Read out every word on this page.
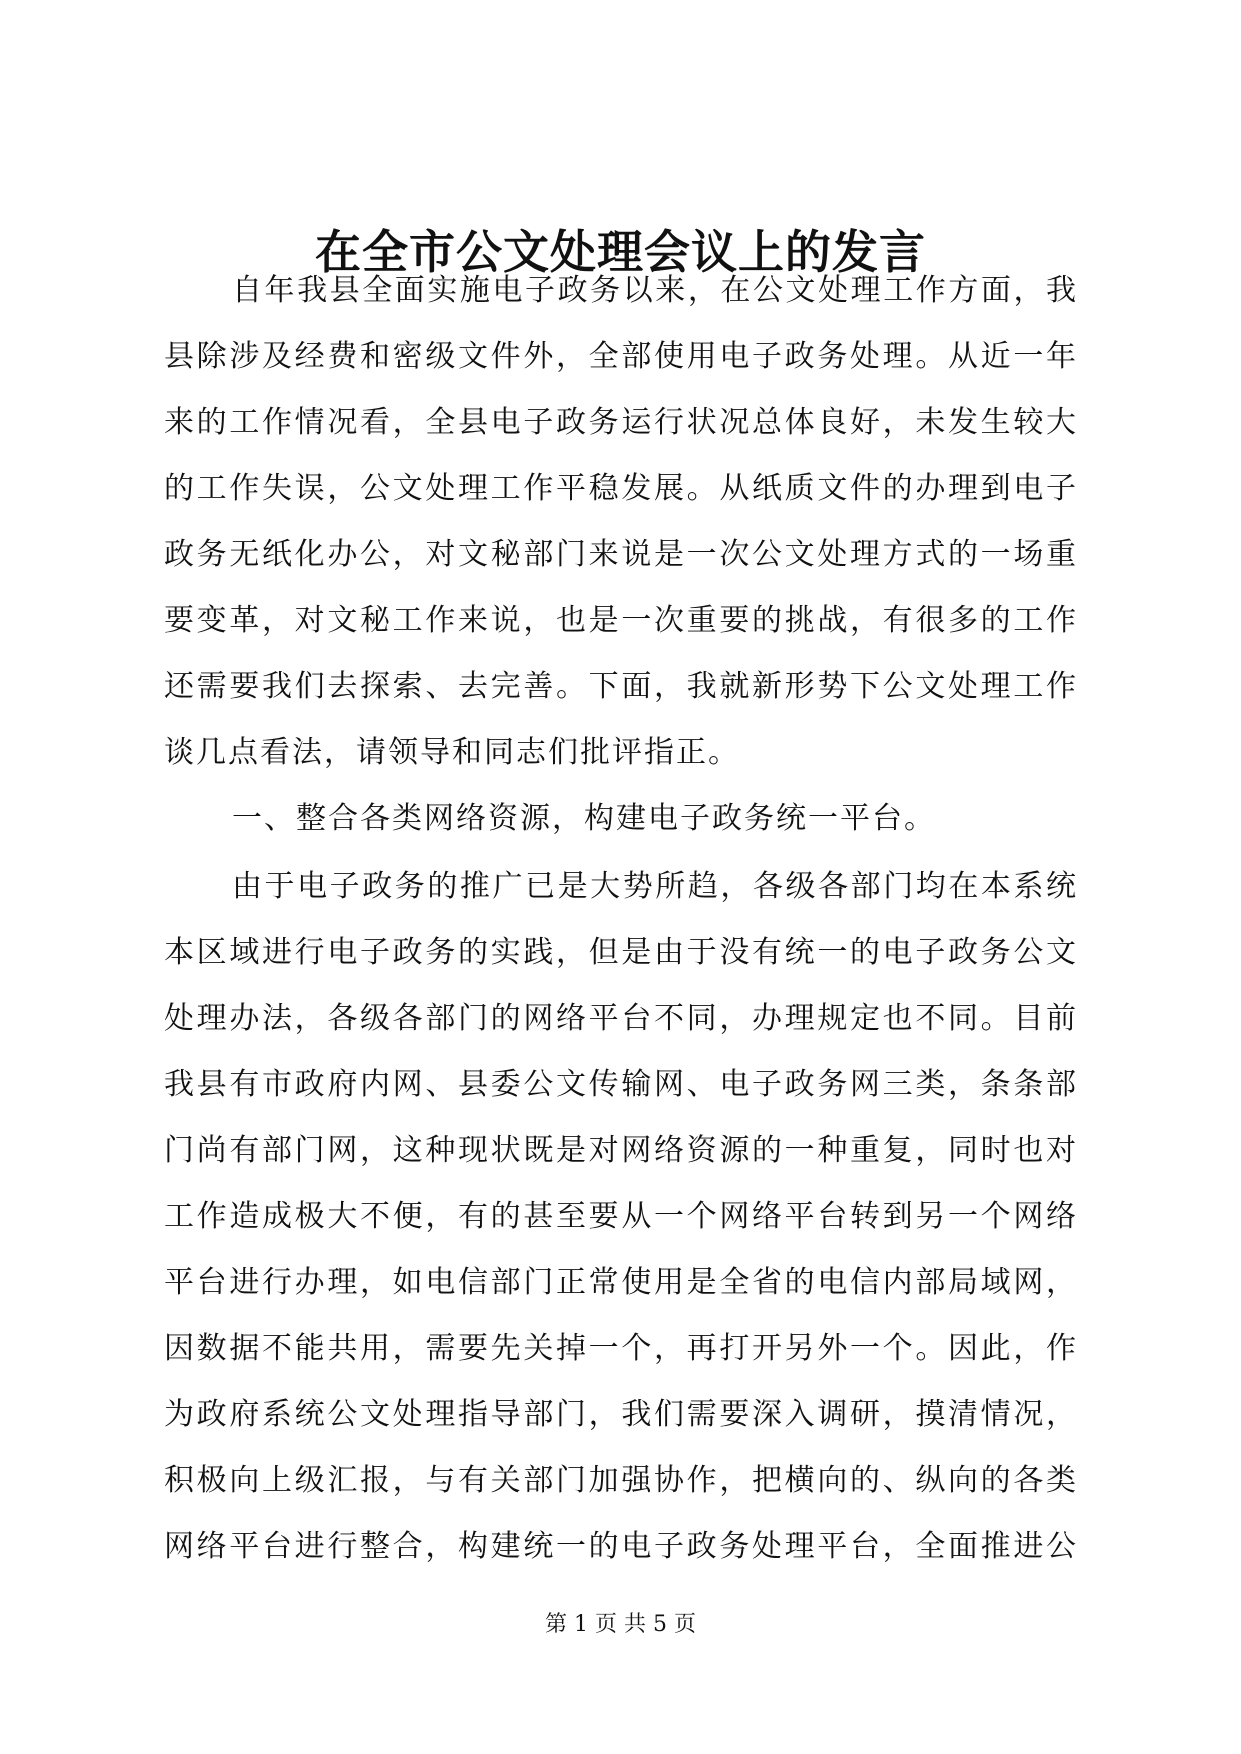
在全市公文处理会议上的发言

自年我县全面实施电子政务以来，在公文处理工作方面，我

县除涉及经费和密级文件外，全部使用电子政务处理。从近一年

来的工作情况看，全县电子政务运行状况总体良好，未发生较大

的工作失误，公文处理工作平稳发展。从纸质文件的办理到电子

政务无纸化办公，对文秘部门来说是一次公文处理方式的一场重

要变革，对文秘工作来说，也是一次重要的挑战，有很多的工作

还需要我们去探索、去完善。下面，我就新形势下公文处理工作

谈几点看法，请领导和同志们批评指正。

一、整合各类网络资源，构建电子政务统一平台。

由于电子政务的推广已是大势所趋，各级各部门均在本系统

本区域进行电子政务的实践，但是由于没有统一的电子政务公文

处理办法，各级各部门的网络平台不同，办理规定也不同。目前

我县有市政府内网、县委公文传输网、电子政务网三类，条条部

门尚有部门网，这种现状既是对网络资源的一种重复，同时也对

工作造成极大不便，有的甚至要从一个网络平台转到另一个网络

平台进行办理，如电信部门正常使用是全省的电信内部局域网，

因数据不能共用，需要先关掉一个，再打开另外一个。因此，作

为政府系统公文处理指导部门，我们需要深入调研，摸清情况，

积极向上级汇报，与有关部门加强协作，把横向的、纵向的各类

网络平台进行整合，构建统一的电子政务处理平台，全面推进公

第 1 页 共 5 页
